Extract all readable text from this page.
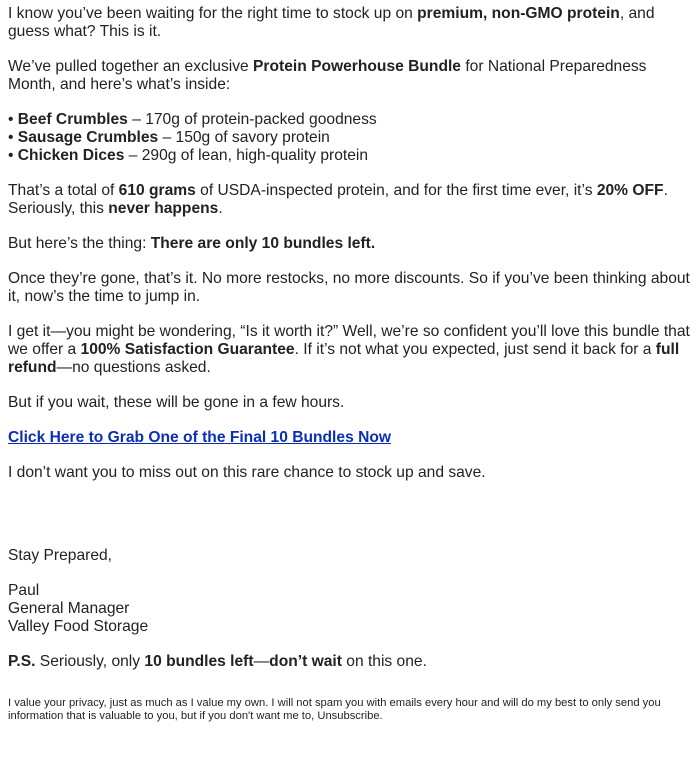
I know you’ve been waiting for the right time to stock up on premium, non-GMO protein, and guess what? This is it.

We’ve pulled together an exclusive Protein Powerhouse Bundle for National Preparedness Month, and here’s what’s inside:

• Beef Crumbles – 170g of protein-packed goodness
• Sausage Crumbles – 150g of savory protein
• Chicken Dices – 290g of lean, high-quality protein

That’s a total of 610 grams of USDA-inspected protein, and for the first time ever, it’s 20% OFF. Seriously, this never happens.

But here’s the thing: There are only 10 bundles left.

Once they’re gone, that’s it. No more restocks, no more discounts. So if you’ve been thinking about it, now’s the time to jump in.

I get it—you might be wondering, “Is it worth it?” Well, we’re so confident you’ll love this bundle that we offer a 100% Satisfaction Guarantee. If it’s not what you expected, just send it back for a full refund—no questions asked.

But if you wait, these will be gone in a few hours.

Click Here to Grab One of the Final 10 Bundles Now

I don’t want you to miss out on this rare chance to stock up and save.

Stay Prepared,

Paul
General Manager
Valley Food Storage

P.S. Seriously, only 10 bundles left—don’t wait on this one.

I value your privacy, just as much as I value my own. I will not spam you with emails every hour and will do my best to only send you information that is valuable to you, but if you don't want me to, Unsubscribe.
